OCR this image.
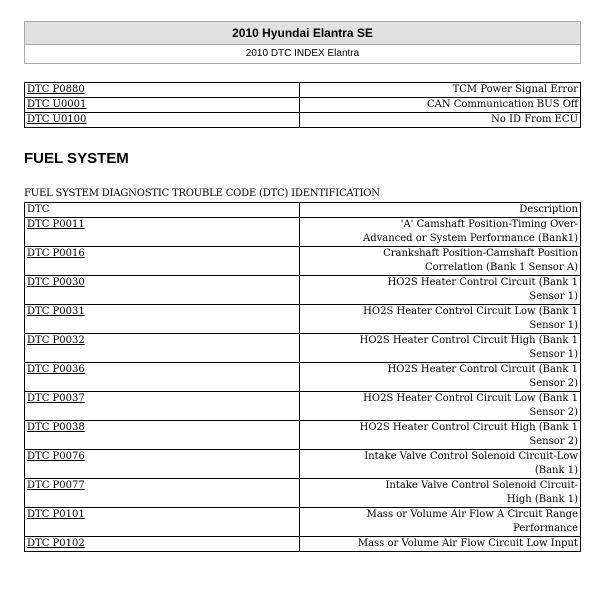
2010 Hyundai Elantra SE
2010 DTC INDEX Elantra
DTC P0880	TCM Power Signal Error
DTC U0001	CAN Communication BUS Off
DTC U0100	No ID From ECU
FUEL SYSTEM
FUEL SYSTEM DIAGNOSTIC TROUBLE CODE (DTC) IDENTIFICATION
DTC	Description
DTC P0011	'A' Camshaft Position-Timing Over-
Advanced or System Performance (Bank1)
DTC P0016	Crankshaft Position-Camshaft Position
Correlation (Bank 1 Sensor A)
DTC P0030	HO2S Heater Control Circuit (Bank 1
Sensor 1)
DTC P0031	HO2S Heater Control Circuit Low (Bank 1
Sensor 1)
DTC P0032	HO2S Heater Control Circuit High (Bank 1
Sensor 1)
DTC P0036	HO2S Heater Control Circuit (Bank 1
Sensor 2)
DTC P0037	HO2S Heater Control Circuit Low (Bank 1
Sensor 2)
DTC P0038	HO2S Heater Control Circuit High (Bank 1
Sensor 2)
DTC P0076	Intake Valve Control Solenoid Circuit-Low
(Bank 1)
DTC P0077	Intake Valve Control Solenoid Circuit-
High (Bank 1)
DTC P0101	Mass or Volume Air Flow A Circuit Range
Performance
DTC P0102	Mass or Volume Air Flow Circuit Low Input
